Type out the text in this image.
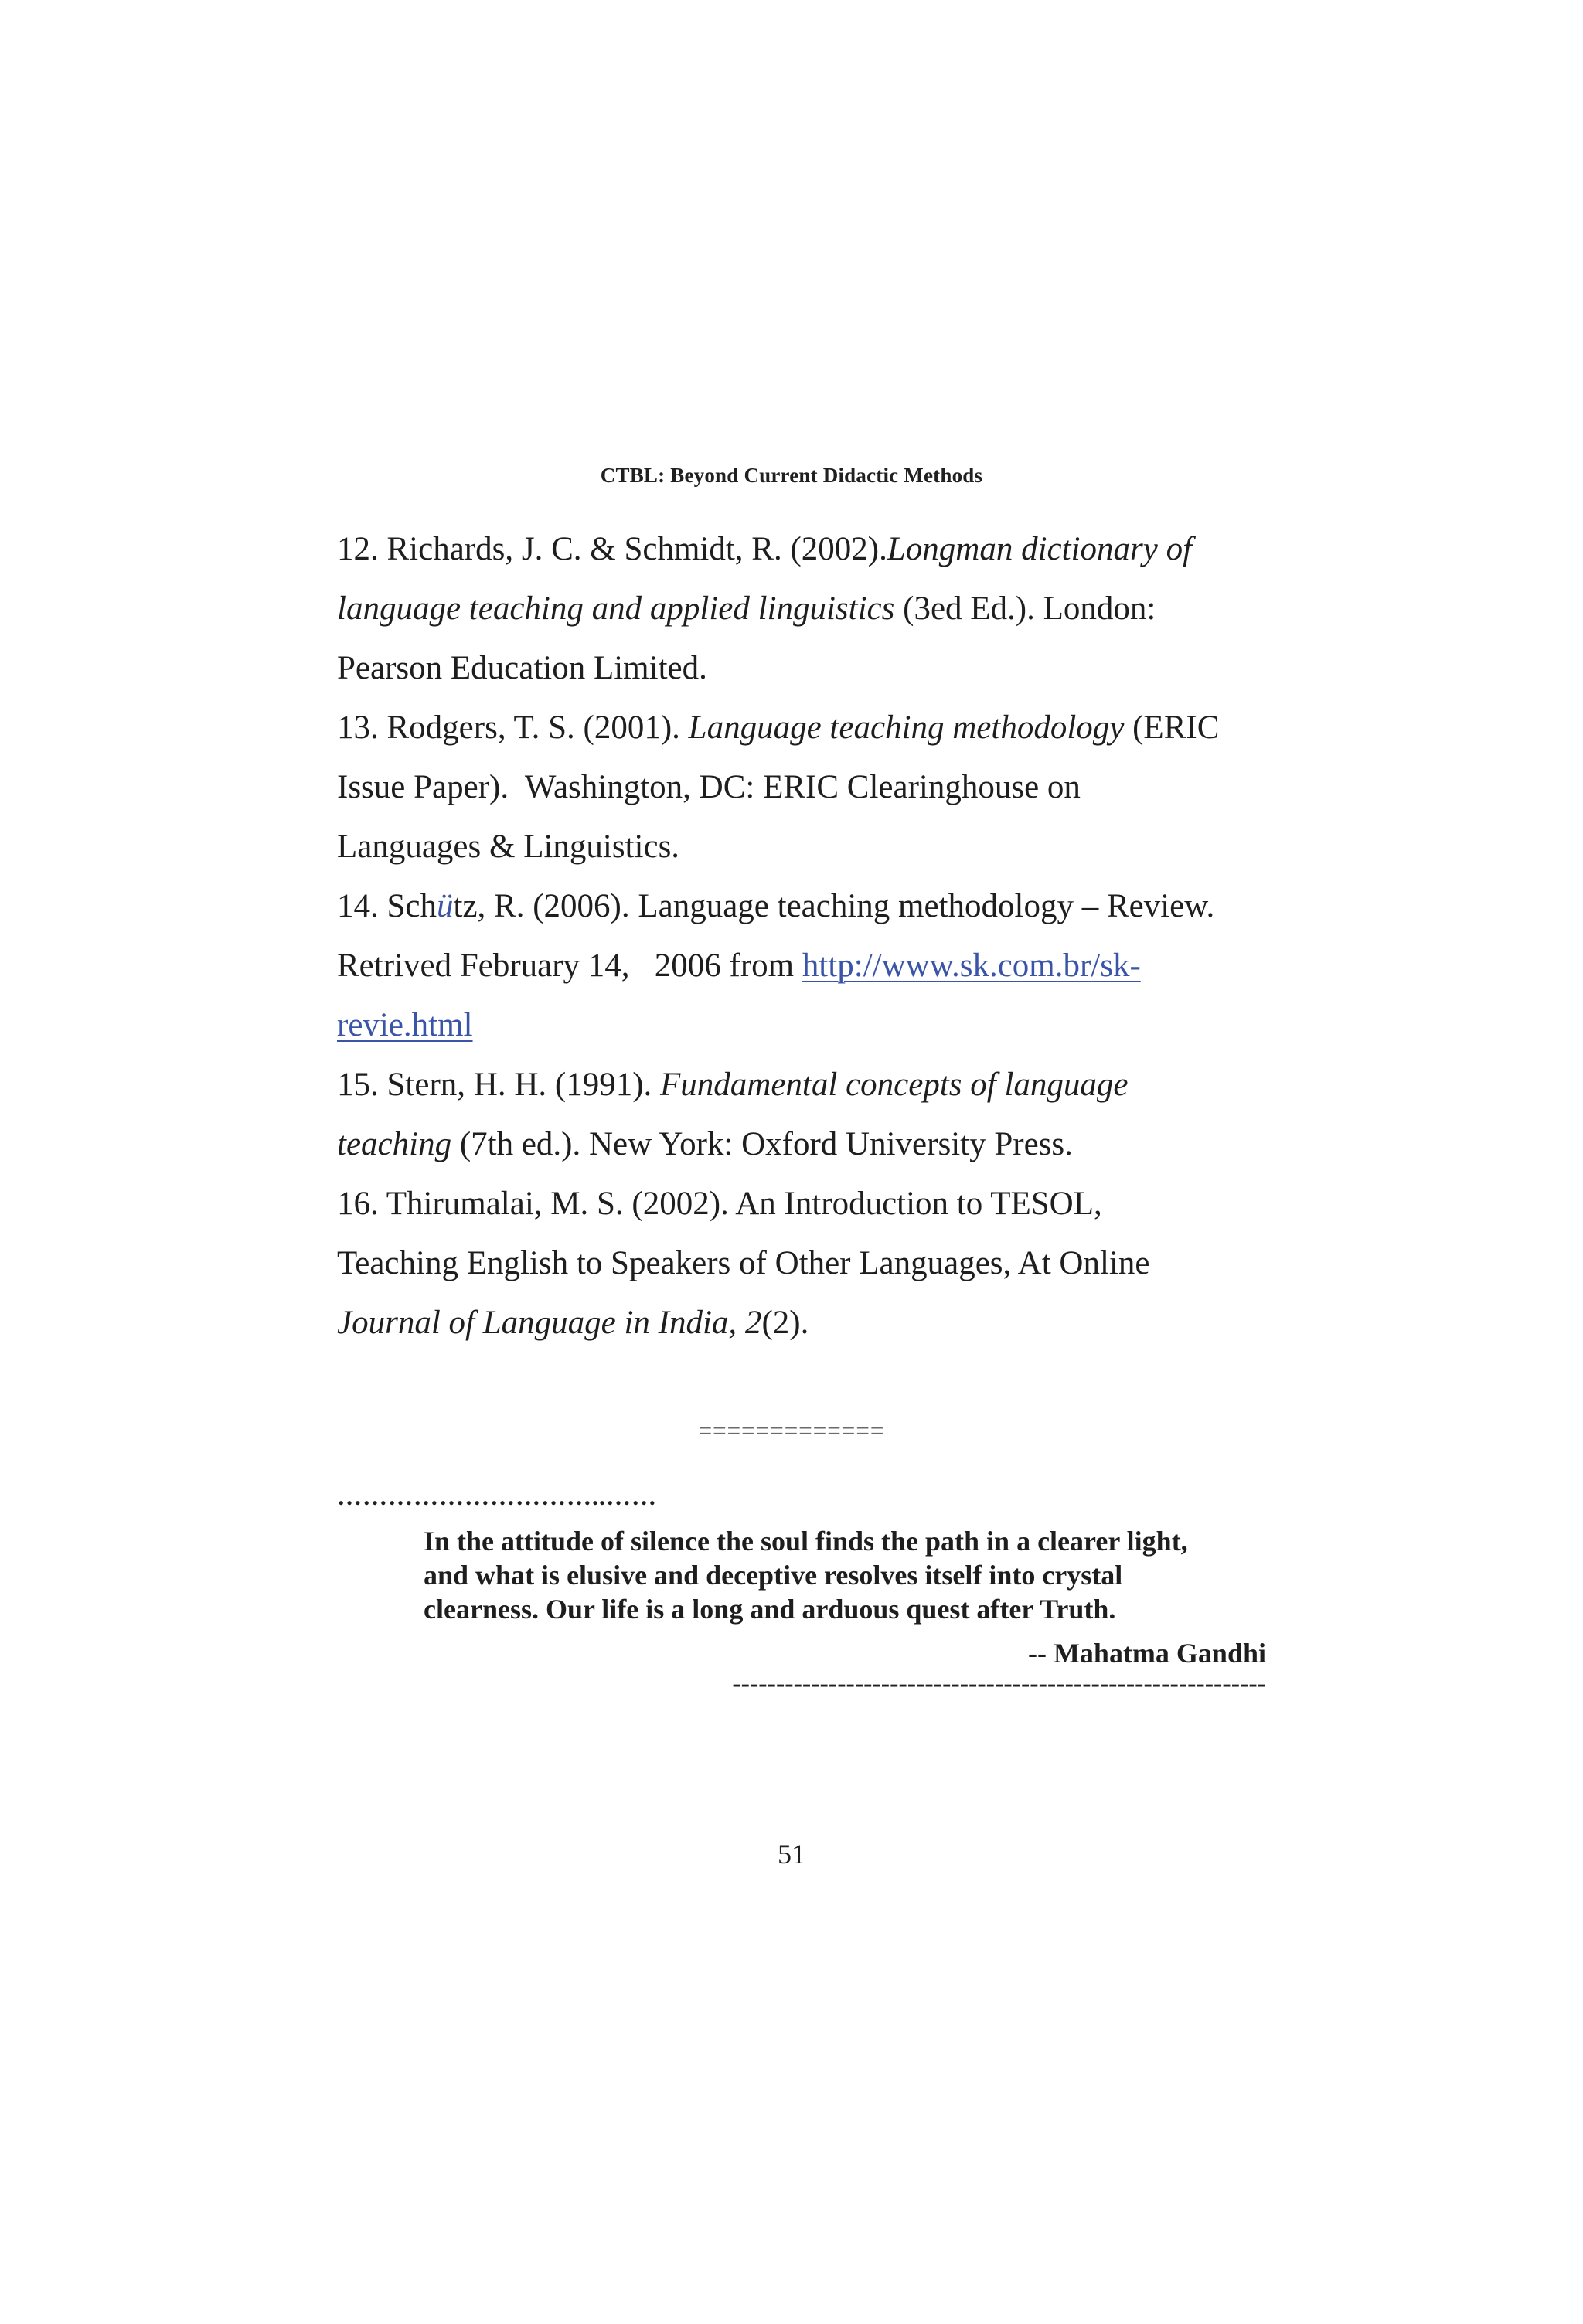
CTBL: Beyond Current Didactic Methods
12. Richards, J. C. & Schmidt, R. (2002).Longman dictionary of
language teaching and applied linguistics (3ed Ed.). London:
Pearson Education Limited.
13. Rodgers, T. S. (2001). Language teaching methodology (ERIC
Issue Paper).  Washington, DC: ERIC Clearinghouse on
Languages & Linguistics.
14. Schütz, R. (2006). Language teaching methodology – Review.
Retrived February 14,   2006 from http://www.sk.com.br/sk-
revie.html
15. Stern, H. H. (1991). Fundamental concepts of language
teaching (7th ed.). New York: Oxford University Press.
16. Thirumalai, M. S. (2002). An Introduction to TESOL,
Teaching English to Speakers of Other Languages, At Online
Journal of Language in India, 2(2).
=============
…………………………..……

In the attitude of silence the soul finds the path in a clearer light,
and what is elusive and deceptive resolves itself into crystal
clearness. Our life is a long and arduous quest after Truth.

-- Mahatma Gandhi
-------------------------------------------------------------
51
